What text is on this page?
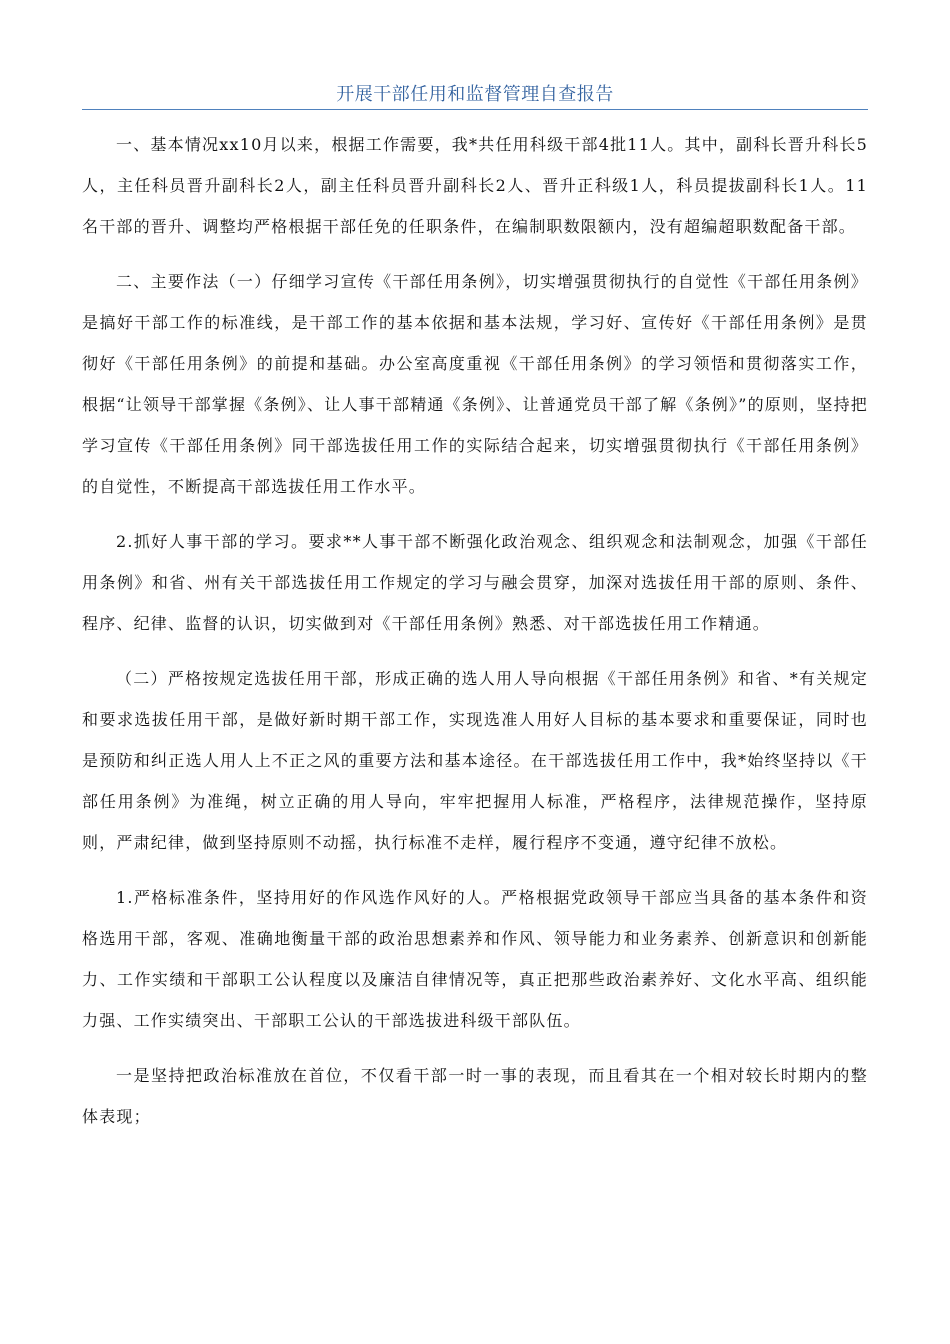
开展干部任用和监督管理自查报告

一、基本情况xx10月以来，根据工作需要，我*共任用科级干部4批11人。其中，副科长晋升科长5人，主任科员晋升副科长2人，副主任科员晋升副科长2人、晋升正科级1人，科员提拔副科长1人。11名干部的晋升、调整均严格根据干部任免的任职条件，在编制职数限额内，没有超编超职数配备干部。

二、主要作法（一）仔细学习宣传《干部任用条例》，切实增强贯彻执行的自觉性《干部任用条例》是搞好干部工作的标准线，是干部工作的基本依据和基本法规，学习好、宣传好《干部任用条例》是贯彻好《干部任用条例》的前提和基础。办公室高度重视《干部任用条例》的学习领悟和贯彻落实工作，根据“让领导干部掌握《条例》、让人事干部精通《条例》、让普通党员干部了解《条例》”的原则，坚持把学习宣传《干部任用条例》同干部选拔任用工作的实际结合起来，切实增强贯彻执行《干部任用条例》的自觉性，不断提高干部选拔任用工作水平。

2.抓好人事干部的学习。要求**人事干部不断强化政治观念、组织观念和法制观念，加强《干部任用条例》和省、州有关干部选拔任用工作规定的学习与融会贯穿，加深对选拔任用干部的原则、条件、程序、纪律、监督的认识，切实做到对《干部任用条例》熟悉、对干部选拔任用工作精通。

（二）严格按规定选拔任用干部，形成正确的选人用人导向根据《干部任用条例》和省、*有关规定和要求选拔任用干部，是做好新时期干部工作，实现选准人用好人目标的基本要求和重要保证，同时也是预防和纠正选人用人上不正之风的重要方法和基本途径。在干部选拔任用工作中，我*始终坚持以《干部任用条例》为准绳，树立正确的用人导向，牢牢把握用人标准，严格程序，法律规范操作，坚持原则，严肃纪律，做到坚持原则不动摇，执行标准不走样，履行程序不变通，遵守纪律不放松。

1.严格标准条件，坚持用好的作风选作风好的人。严格根据党政领导干部应当具备的基本条件和资格选用干部，客观、准确地衡量干部的政治思想素养和作风、领导能力和业务素养、创新意识和创新能力、工作实绩和干部职工公认程度以及廉洁自律情况等，真正把那些政治素养好、文化水平高、组织能力强、工作实绩突出、干部职工公认的干部选拔进科级干部队伍。

一是坚持把政治标准放在首位，不仅看干部一时一事的表现，而且看其在一个相对较长时期内的整体表现；
